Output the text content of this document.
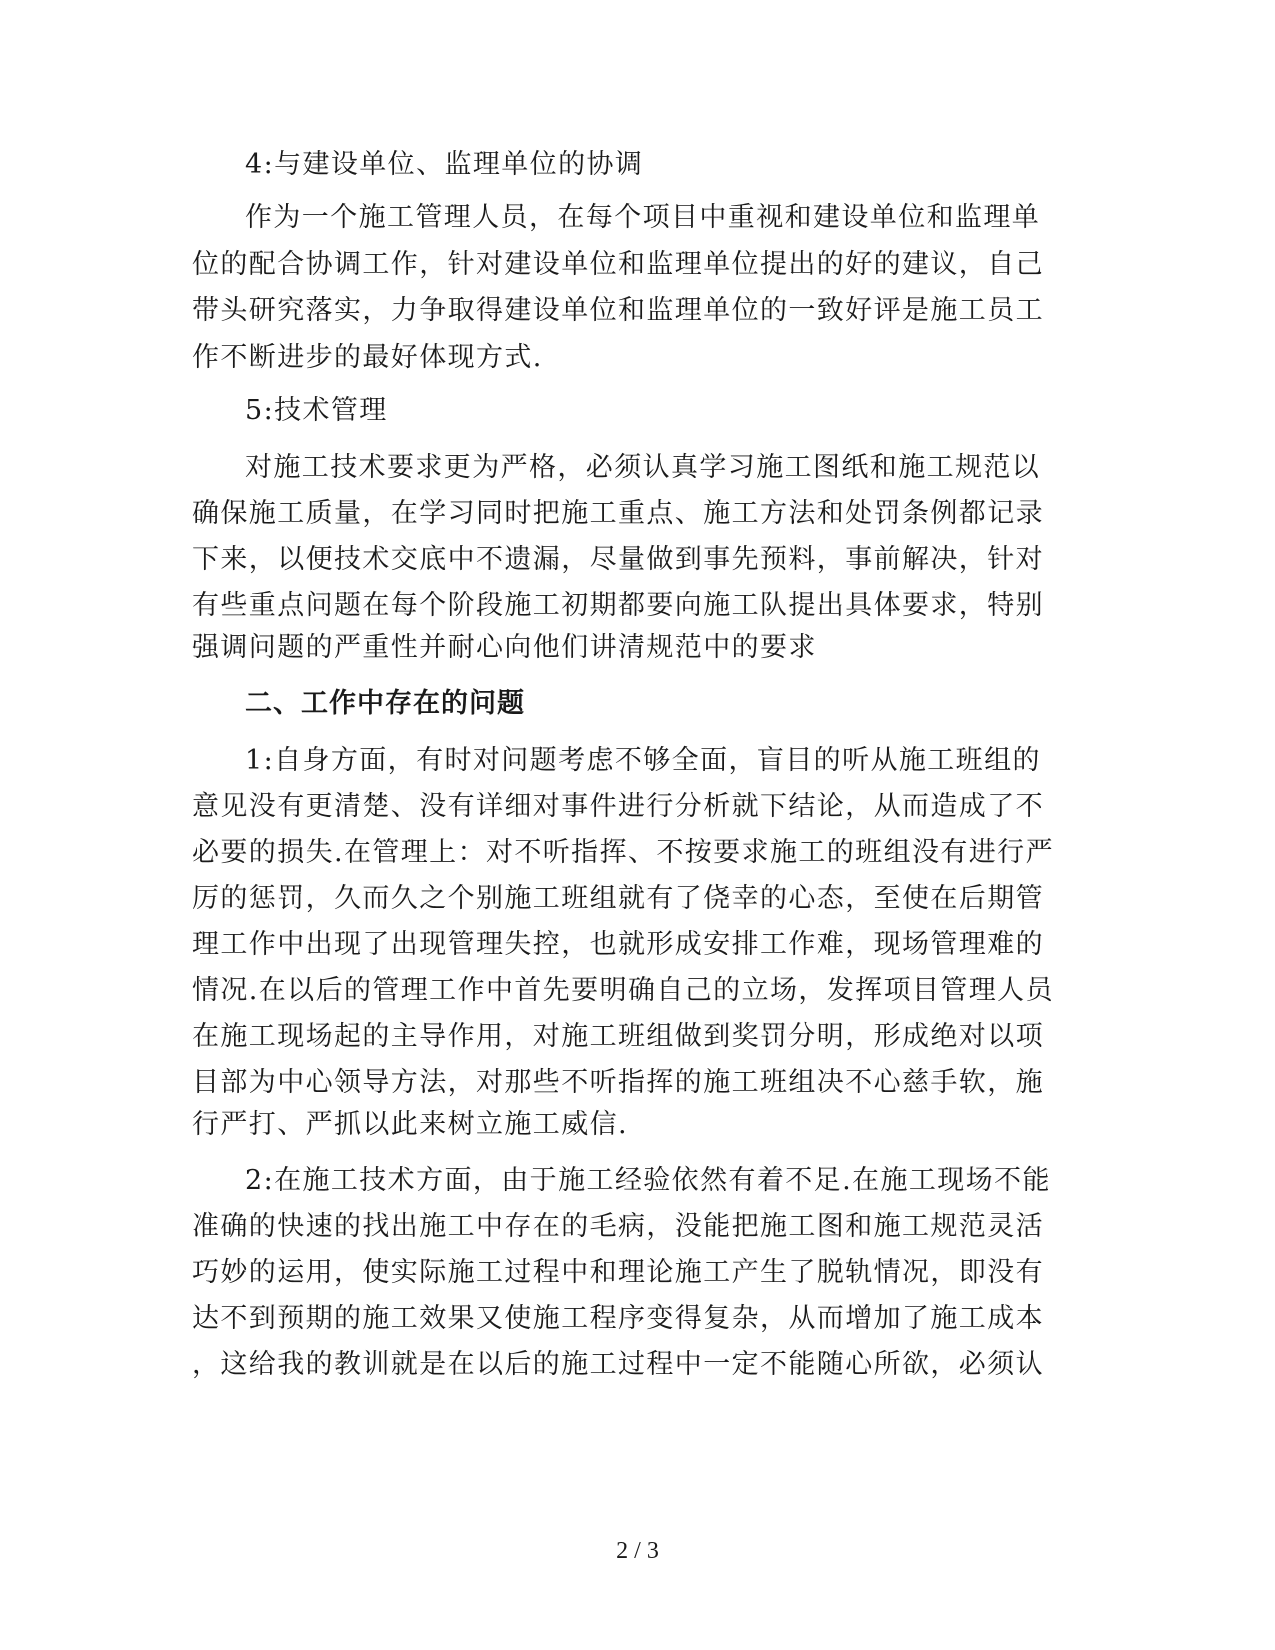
4:与建设单位、监理单位的协调
作为一个施工管理人员，在每个项目中重视和建设单位和监理单
位的配合协调工作，针对建设单位和监理单位提出的好的建议，自己
带头研究落实，力争取得建设单位和监理单位的一致好评是施工员工
作不断进步的最好体现方式.
5:技术管理
对施工技术要求更为严格，必须认真学习施工图纸和施工规范以
确保施工质量，在学习同时把施工重点、施工方法和处罚条例都记录
下来，以便技术交底中不遗漏，尽量做到事先预料，事前解决，针对
有些重点问题在每个阶段施工初期都要向施工队提出具体要求，特别
强调问题的严重性并耐心向他们讲清规范中的要求
二、工作中存在的问题
1:自身方面，有时对问题考虑不够全面，盲目的听从施工班组的
意见没有更清楚、没有详细对事件进行分析就下结论，从而造成了不
必要的损失.在管理上：对不听指挥、不按要求施工的班组没有进行严
厉的惩罚，久而久之个别施工班组就有了侥幸的心态，至使在后期管
理工作中出现了出现管理失控，也就形成安排工作难，现场管理难的
情况.在以后的管理工作中首先要明确自己的立场，发挥项目管理人员
在施工现场起的主导作用，对施工班组做到奖罚分明，形成绝对以项
目部为中心领导方法，对那些不听指挥的施工班组决不心慈手软，施
行严打、严抓以此来树立施工威信.
2:在施工技术方面，由于施工经验依然有着不足.在施工现场不能
准确的快速的找出施工中存在的毛病，没能把施工图和施工规范灵活
巧妙的运用，使实际施工过程中和理论施工产生了脱轨情况，即没有
达不到预期的施工效果又使施工程序变得复杂，从而增加了施工成本
，这给我的教训就是在以后的施工过程中一定不能随心所欲，必须认
2 / 3
